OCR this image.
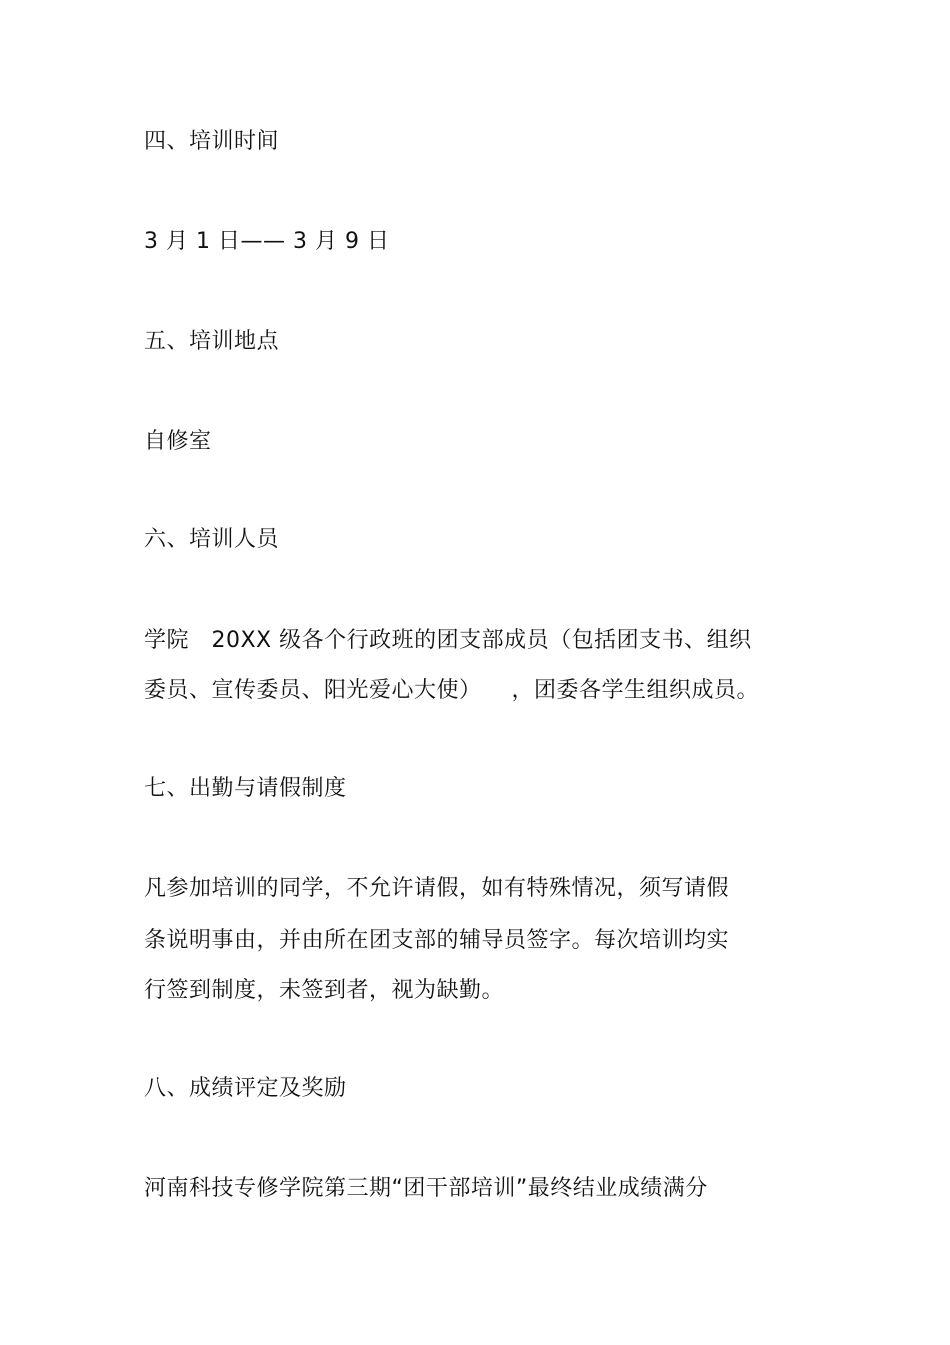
四、培训时间
3 月 1 日—— 3 月 9 日
五、培训地点
自修室
六、培训人员
学院   20XX 级各个行政班的团支部成员（包括团支书、组织
委员、宣传委员、阳光爱心大使）    ，团委各学生组织成员。
七、出勤与请假制度
凡参加培训的同学，不允许请假，如有特殊情况，须写请假
条说明事由，并由所在团支部的辅导员签字。每次培训均实
行签到制度，未签到者，视为缺勤。
八、成绩评定及奖励
河南科技专修学院第三期“团干部培训”最终结业成绩满分
